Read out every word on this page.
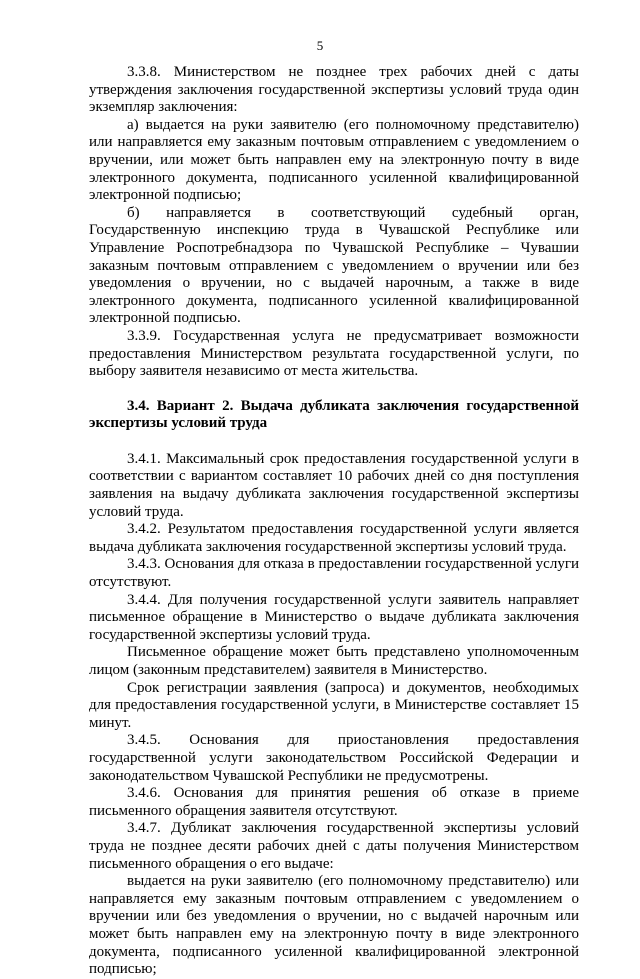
5

3.3.8. Министерством не позднее трех рабочих дней с даты утверждения заключения государственной экспертизы условий труда один экземпляр заключения:

а) выдается на руки заявителю (его полномочному представителю) или направляется ему заказным почтовым отправлением с уведомлением о вручении, или может быть направлен ему на электронную почту в виде электронного документа, подписанного усиленной квалифицированной электронной подписью;

б) направляется в соответствующий судебный орган, Государственную инспекцию труда в Чувашской Республике или Управление Роспотребнадзора по Чувашской Республике – Чувашии заказным почтовым отправлением с уведомлением о вручении или без уведомления о вручении, но с выдачей нарочным, а также в виде электронного документа, подписанного усиленной квалифицированной электронной подписью.

3.3.9. Государственная услуга не предусматривает возможности предоставления Министерством результата государственной услуги, по выбору заявителя независимо от места жительства.

3.4. Вариант 2. Выдача дубликата заключения государственной экспертизы условий труда

3.4.1. Максимальный срок предоставления государственной услуги в соответствии с вариантом составляет 10 рабочих дней со дня поступления заявления на выдачу дубликата заключения государственной экспертизы условий труда.

3.4.2. Результатом предоставления государственной услуги является выдача дубликата заключения государственной экспертизы условий труда.

3.4.3. Основания для отказа в предоставлении государственной услуги отсутствуют.

3.4.4. Для получения государственной услуги заявитель направляет письменное обращение в Министерство о выдаче дубликата заключения государственной экспертизы условий труда.

Письменное обращение может быть представлено уполномоченным лицом (законным представителем) заявителя в Министерство.

Срок регистрации заявления (запроса) и документов, необходимых для предоставления государственной услуги, в Министерстве составляет 15 минут.

3.4.5. Основания для приостановления предоставления государственной услуги законодательством Российской Федерации и законодательством Чувашской Республики не предусмотрены.

3.4.6. Основания для принятия решения об отказе в приеме письменного обращения заявителя отсутствуют.

3.4.7. Дубликат заключения государственной экспертизы условий труда не позднее десяти рабочих дней с даты получения Министерством письменного обращения о его выдаче:

выдается на руки заявителю (его полномочному представителю) или направляется ему заказным почтовым отправлением с уведомлением о вручении или без уведомления о вручении, но с выдачей нарочным или может быть направлен ему на электронную почту в виде электронного документа, подписанного усиленной квалифицированной электронной подписью;
